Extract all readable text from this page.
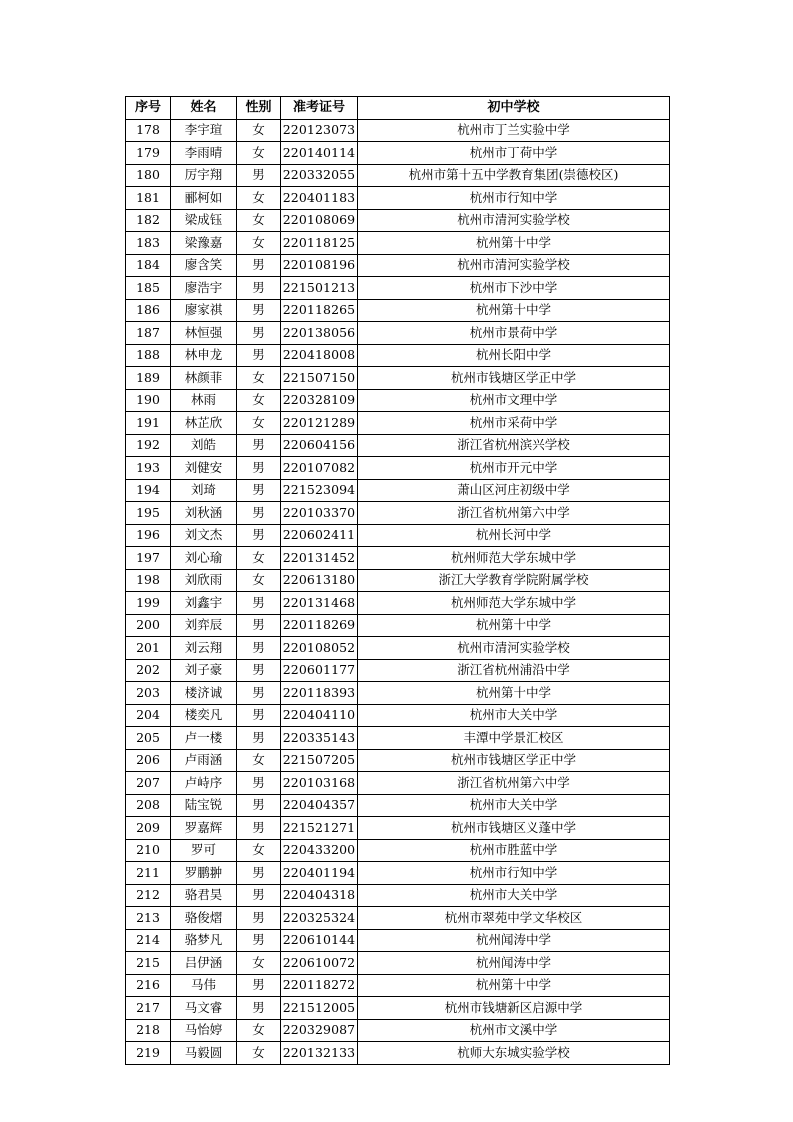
序号	姓名	性别	准考证号	初中学校
178	李宇瑄	女	220123073	杭州市丁兰实验中学
179	李雨晴	女	220140114	杭州市丁荷中学
180	厉宇翔	男	220332055	杭州市第十五中学教育集团(崇德校区)
181	郦柯如	女	220401183	杭州市行知中学
182	梁成钰	女	220108069	杭州市清河实验学校
183	梁豫嘉	女	220118125	杭州第十中学
184	廖含笑	男	220108196	杭州市清河实验学校
185	廖浩宇	男	221501213	杭州市下沙中学
186	廖家祺	男	220118265	杭州第十中学
187	林恒强	男	220138056	杭州市景荷中学
188	林申龙	男	220418008	杭州长阳中学
189	林颜菲	女	221507150	杭州市钱塘区学正中学
190	林雨	女	220328109	杭州市文理中学
191	林芷欣	女	220121289	杭州市采荷中学
192	刘皓	男	220604156	浙江省杭州滨兴学校
193	刘健安	男	220107082	杭州市开元中学
194	刘琦	男	221523094	萧山区河庄初级中学
195	刘秋涵	男	220103370	浙江省杭州第六中学
196	刘文杰	男	220602411	杭州长河中学
197	刘心瑜	女	220131452	杭州师范大学东城中学
198	刘欣雨	女	220613180	浙江大学教育学院附属学校
199	刘鑫宇	男	220131468	杭州师范大学东城中学
200	刘弈辰	男	220118269	杭州第十中学
201	刘云翔	男	220108052	杭州市清河实验学校
202	刘子豪	男	220601177	浙江省杭州浦沿中学
203	楼济诚	男	220118393	杭州第十中学
204	楼奕凡	男	220404110	杭州市大关中学
205	卢一楼	男	220335143	丰潭中学景汇校区
206	卢雨涵	女	221507205	杭州市钱塘区学正中学
207	卢峙序	男	220103168	浙江省杭州第六中学
208	陆宝锐	男	220404357	杭州市大关中学
209	罗嘉辉	男	221521271	杭州市钱塘区义蓬中学
210	罗可	女	220433200	杭州市胜蓝中学
211	罗鹏翀	男	220401194	杭州市行知中学
212	骆君昊	男	220404318	杭州市大关中学
213	骆俊熠	男	220325324	杭州市翠苑中学文华校区
214	骆梦凡	男	220610144	杭州闻涛中学
215	吕伊涵	女	220610072	杭州闻涛中学
216	马伟	男	220118272	杭州第十中学
217	马文睿	男	221512005	杭州市钱塘新区启源中学
218	马怡婷	女	220329087	杭州市文溪中学
219	马毅圆	女	220132133	杭师大东城实验学校
